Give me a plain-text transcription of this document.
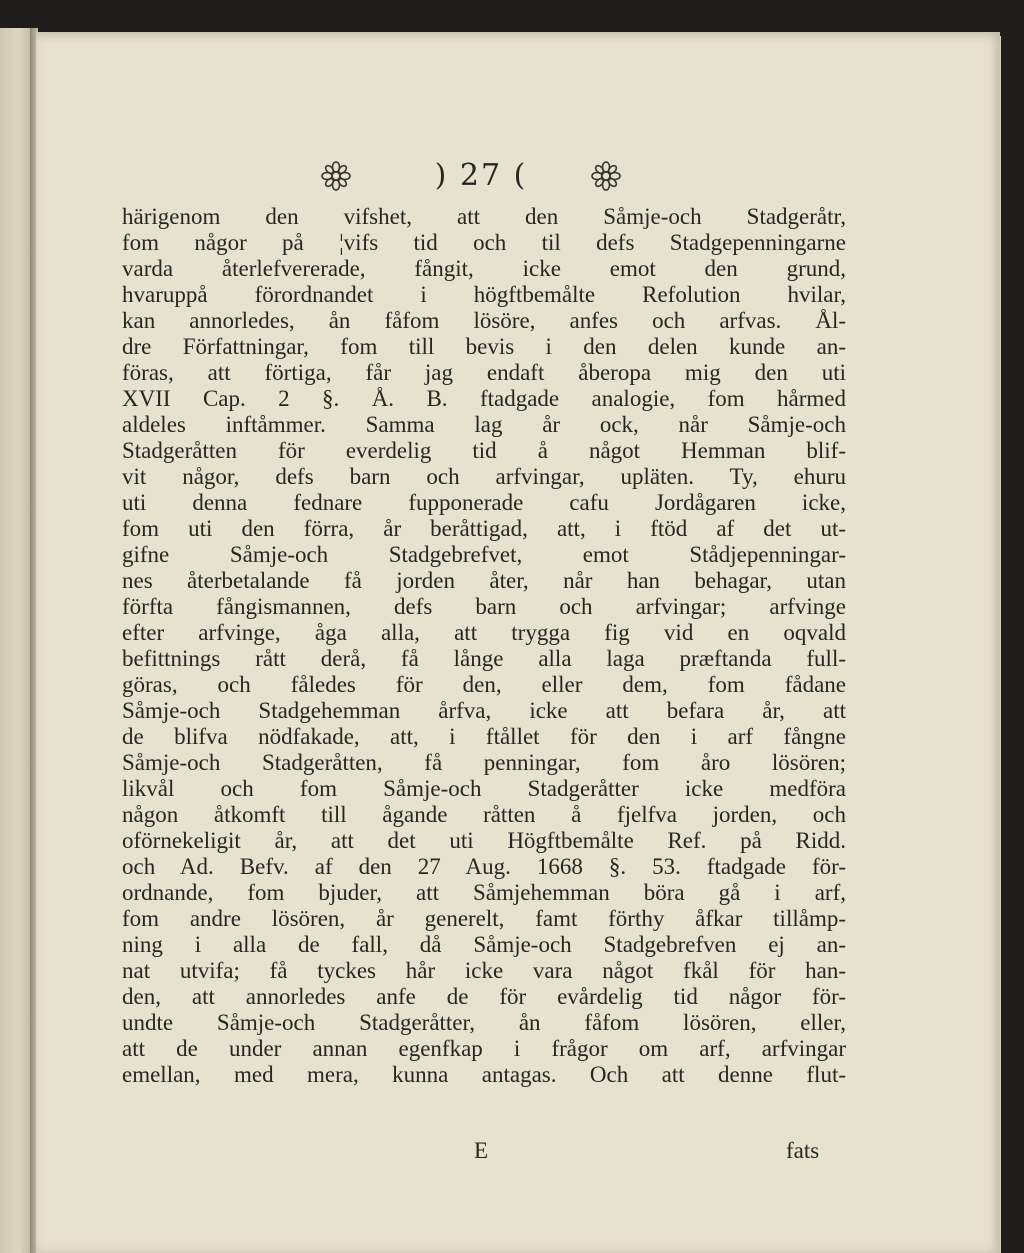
) 27 (
härigenom den vifshet, att den Såmje-och Stadgeråtr,
fom någor på ¦vifs tid och til defs Stadgepenningarne
varda återlefvererade, fångit, icke emot den grund,
hvaruppå förordnandet i högftbemålte Refolution hvilar,
kan annorledes, ån fåfom lösöre, anfes och arfvas. Ål-
dre Författningar, fom till bevis i den delen kunde an-
föras, att förtiga, får jag endaft åberopa mig den uti
XVII Cap. 2 §. Å. B. ftadgade analogie, fom hårmed
aldeles inftåmmer. Samma lag år ock, når Såmje-och
Stadgeråtten för everdelig tid å något Hemman blif-
vit någor, defs barn och arfvingar, upläten. Ty, ehuru
uti denna fednare fupponerade cafu Jordågaren icke,
fom uti den förra, år beråttigad, att, i ftöd af det ut-
gifne Såmje-och Stadgebrefvet, emot Stådjepenningar-
nes återbetalande få jorden åter, når han behagar, utan
förfta fångismannen, defs barn och arfvingar; arfvinge
efter arfvinge, åga alla, att trygga fig vid en oqvald
befittnings rått derå, få långe alla laga præftanda full-
göras, och fåledes för den, eller dem, fom fådane
Såmje-och Stadgehemman årfva, icke att befara år, att
de blifva nödfakade, att, i ftållet för den i arf fångne
Såmje-och Stadgeråtten, få penningar, fom åro lösören;
likvål och fom Såmje-och Stadgeråtter icke medföra
någon åtkomft till ågande råtten å fjelfva jorden, och
oförnekeligit år, att det uti Högftbemålte Ref. på Ridd.
och Ad. Befv. af den 27 Aug. 1668 §. 53. ftadgade för-
ordnande, fom bjuder, att Såmjehemman böra gå i arf,
fom andre lösören, år generelt, famt förthy åfkar tillåmp-
ning i alla de fall, då Såmje-och Stadgebrefven ej an-
nat utvifa; få tyckes hår icke vara något fkål för han-
den, att annorledes anfe de för evårdelig tid någor för-
undte Såmje-och Stadgeråtter, ån fåfom lösören, eller,
att de under annan egenfkap i frågor om arf, arfvingar
emellan, med mera, kunna antagas. Och att denne flut-
E	fats
